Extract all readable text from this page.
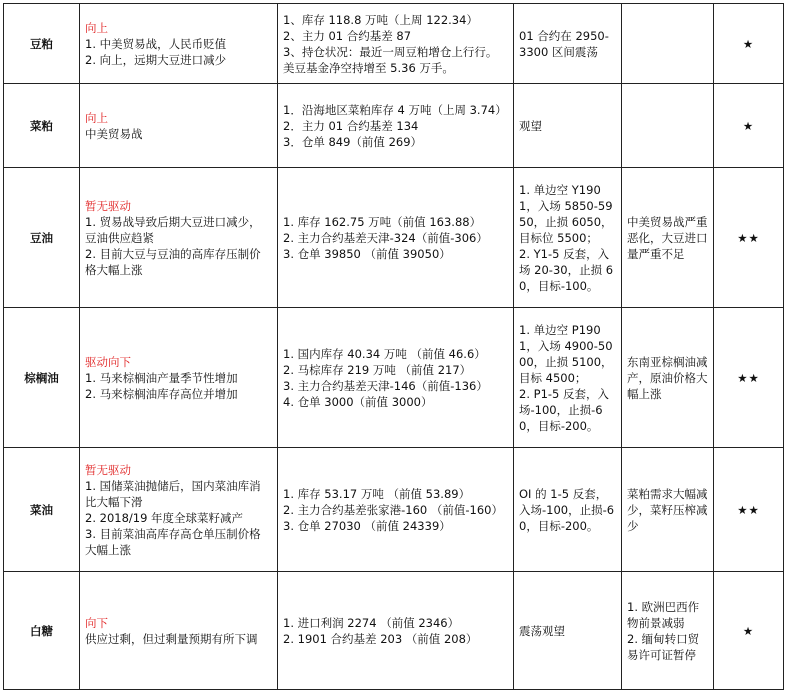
豆粕	向上
1. 中美贸易战，人民币贬值
2. 向上，远期大豆进口减少	1、库存 118.8 万吨（上周 122.34）
2、主力 01 合约基差 87
3、持仓状况：最近一周豆粕增仓上行行。美豆基金净空持增至 5.36 万手。	01 合约在 2950-3300 区间震荡		★
菜粕	向上
中美贸易战	1．沿海地区菜粕库存 4 万吨（上周 3.74）
2．主力 01 合约基差 134
3．仓单 849（前值 269）	观望		★
豆油	暂无驱动
1. 贸易战导致后期大豆进口减少，豆油供应趋紧
2. 目前大豆与豆油的高库存压制价格大幅上涨	1. 库存 162.75 万吨（前值 163.88）
2. 主力合约基差天津-324（前值-306）
3. 仓单 39850 （前值 39050）	1. 单边空 Y1901，入场 5850-5950，止损 6050，目标位 5500；
2. Y1-5 反套，入场 20-30，止损 60，目标-100。	中美贸易战严重恶化，大豆进口量严重不足	★★
棕榈油	驱动向下
1. 马来棕榈油产量季节性增加
2. 马来棕榈油库存高位并增加	1. 国内库存 40.34 万吨 （前值 46.6）
2. 马棕库存 219 万吨 （前值 217）
3. 主力合约基差天津-146（前值-136）
4. 仓单 3000（前值 3000）	1. 单边空 P1901，入场 4900-5000，止损 5100，目标 4500；
2. P1-5 反套，入场-100，止损-60，目标-200。	东南亚棕榈油减产，原油价格大幅上涨	★★
菜油	暂无驱动
1. 国储菜油抛储后，国内菜油库消比大幅下滑
2. 2018/19 年度全球菜籽减产
3. 目前菜油高库存高仓单压制价格大幅上涨	1. 库存 53.17 万吨 （前值 53.89）
2. 主力合约基差张家港-160 （前值-160）
3. 仓单 27030 （前值 24339）	OI 的 1-5 反套，入场-100，止损-60，目标-200。	菜粕需求大幅减少，菜籽压榨减少	★★
白糖	向下
供应过剩，但过剩量预期有所下调	1. 进口利润 2274 （前值 2346）
2. 1901 合约基差 203 （前值 208）	震荡观望	1. 欧洲巴西作物前景减弱
2. 缅甸转口贸易许可证暂停	★
